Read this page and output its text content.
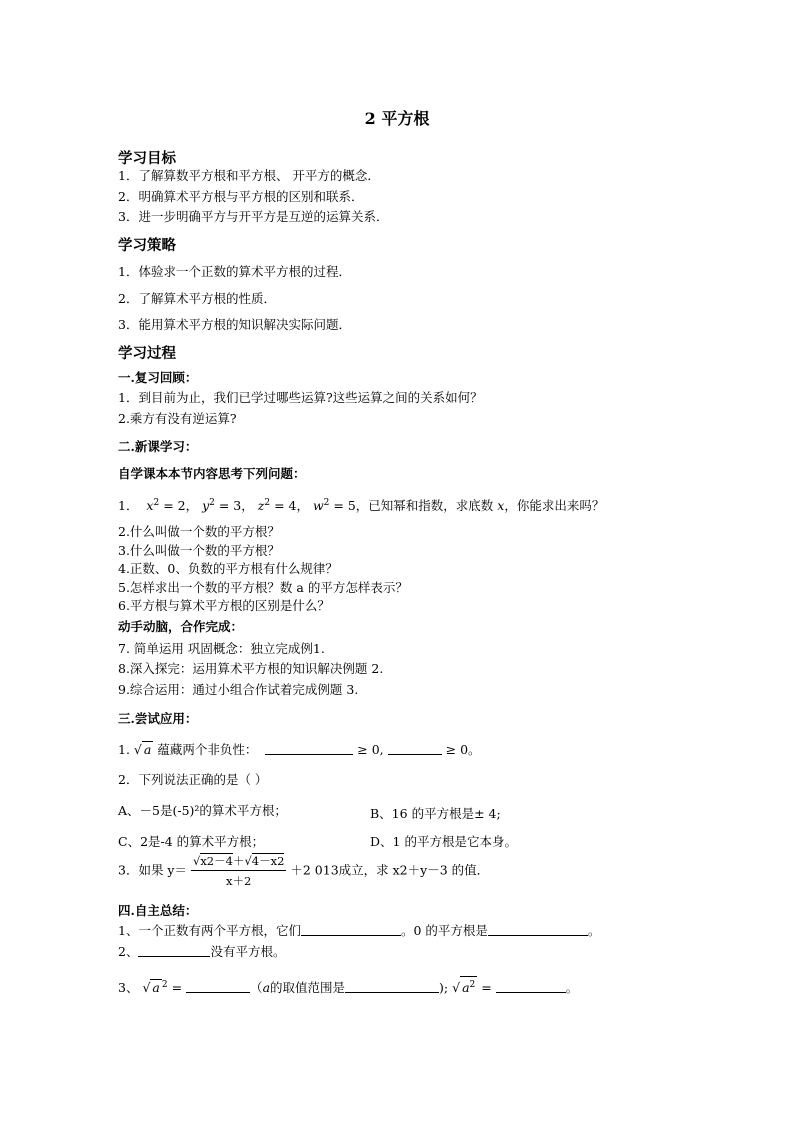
2 平方根
学习目标
1．了解算数平方根和平方根、 开平方的概念．
2．明确算术平方根与平方根的区别和联系．
3．进一步明确平方与开平方是互逆的运算关系．
学习策略
1．体验求一个正数的算术平方根的过程．
2．了解算术平方根的性质．
3．能用算术平方根的知识解决实际问题．
学习过程
一.复习回顾：
1．到目前为止，我们已学过哪些运算?这些运算之间的关系如何？
2.乘方有没有逆运算?
二.新课学习：
自学课本本节内容思考下列问题：
1． $x^2 = 2$， $y^2 = 3$， $z^2 = 4$， $w^2 = 5$，已知幂和指数，求底数 x，你能求出来吗？
2.什么叫做一个数的平方根？
3.什么叫做一个数的平方根？
4.正数、0、负数的平方根有什么规律？
5.怎样求出一个数的平方根？数 a 的平方怎样表示？
6.平方根与算术平方根的区别是什么？
动手动脑，合作完成：
7. 简单运用 巩固概念：独立完成例1.
8.深入探完：运用算术平方根的知识解决例题 2.
9.综合运用：通过小组合作试着完成例题 3.
三.尝试应用：
1. √ a 蕴藏两个非负性：	≥ 0,	≥ 0。
2．下列说法正确的是（ ）
A、－5是(-5)²的算术平方根；	B、16 的平方根是± 4;
C、2是-4 的算术平方根；	D、1 的平方根是它本身。
3．如果 $y= \frac{√x2-4+√4-x2}{x+2} +2$ 013成立，求 x2＋y－3 的值．
四.自主总结：
1、一个正数有两个平方根，它们	。0 的平方根是	。
2、	没有平方根。
3、 √ a $^2$ =	（a的取值范围是	); √ $a^2$ =	。
